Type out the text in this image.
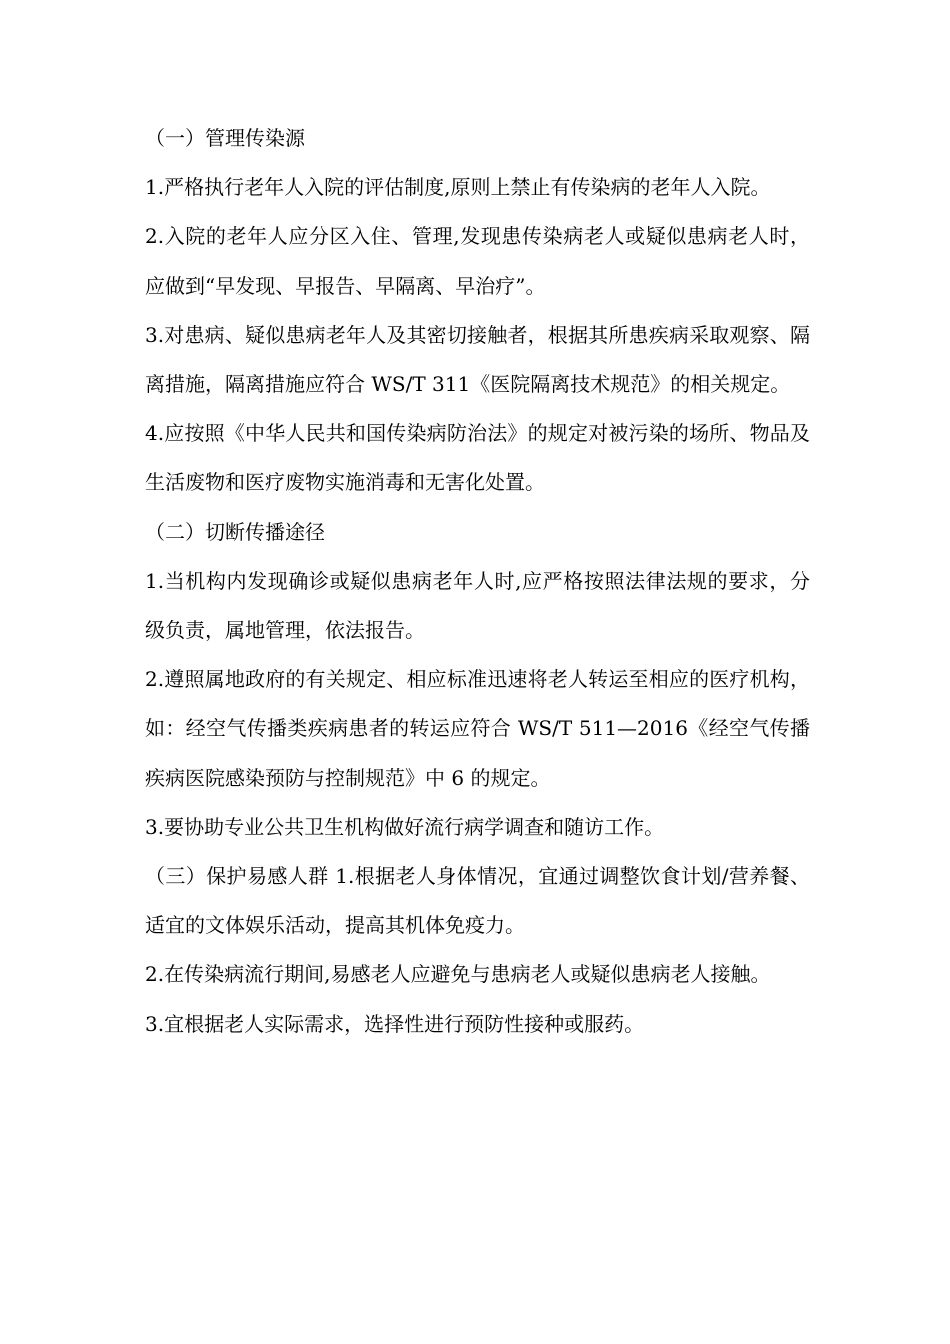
（一）管理传染源

1.严格执行老年人入院的评估制度,原则上禁止有传染病的老年人入院。

2.入院的老年人应分区入住、管理,发现患传染病老人或疑似患病老人时，应做到“早发现、早报告、早隔离、早治疗”。

3.对患病、疑似患病老年人及其密切接触者，根据其所患疾病采取观察、隔离措施，隔离措施应符合 WS/T 311《医院隔离技术规范》的相关规定。

4.应按照《中华人民共和国传染病防治法》的规定对被污染的场所、物品及生活废物和医疗废物实施消毒和无害化处置。

（二）切断传播途径

1.当机构内发现确诊或疑似患病老年人时,应严格按照法律法规的要求，分级负责，属地管理，依法报告。

2.遵照属地政府的有关规定、相应标准迅速将老人转运至相应的医疗机构，如：经空气传播类疾病患者的转运应符合 WS/T 511—2016《经空气传播疾病医院感染预防与控制规范》中 6 的规定。

3.要协助专业公共卫生机构做好流行病学调查和随访工作。

（三）保护易感人群 1.根据老人身体情况，宜通过调整饮食计划/营养餐、适宜的文体娱乐活动，提高其机体免疫力。

2.在传染病流行期间,易感老人应避免与患病老人或疑似患病老人接触。

3.宜根据老人实际需求，选择性进行预防性接种或服药。
